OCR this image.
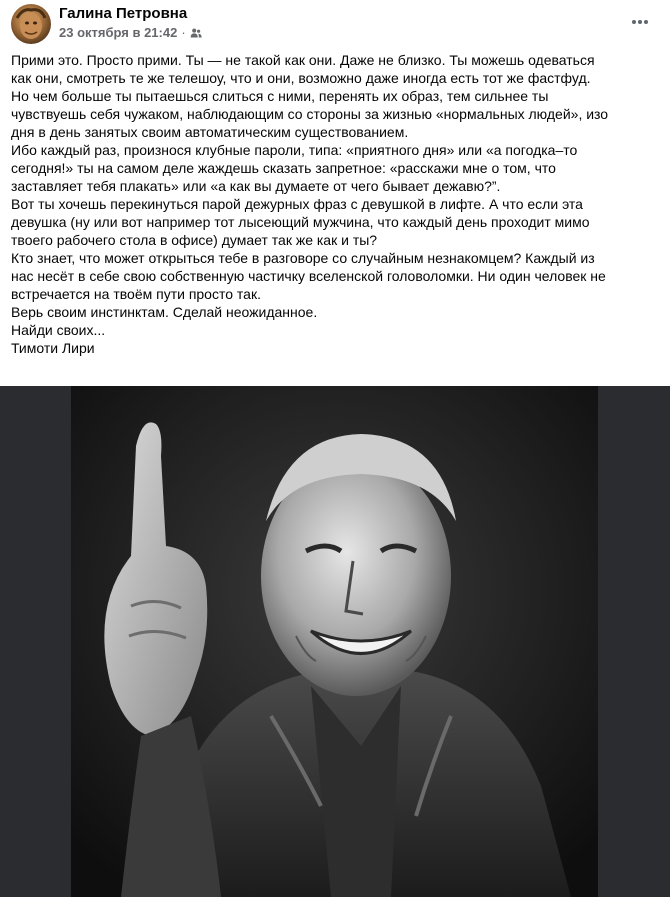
Галина Петровна
23 октября в 21:42 ·

Прими это. Просто прими. Ты — не такой как они. Даже не близко. Ты можешь одеваться

как они, смотреть те же телешоу, что и они, возможно даже иногда есть тот же фастфуд.

Но чем больше ты пытаешься слиться с ними, перенять их образ, тем сильнее ты

чувствуешь себя чужаком, наблюдающим со стороны за жизнью «нормальных людей», изо

дня в день занятых своим автоматическим существованием.

Ибо каждый раз, произнося клубные пароли, типа: «приятного дня» или «а погодка–то

сегодня!» ты на самом деле жаждешь сказать запретное: «расскажи мне о том, что

заставляет тебя плакать» или «а как вы думаете от чего бывает дежавю?”.

Вот ты хочешь перекинуться парой дежурных фраз с девушкой в лифте. А что если эта

девушка (ну или вот например тот лысеющий мужчина, что каждый день проходит мимо

твоего рабочего стола в офисе) думает так же как и ты?

Кто знает, что может открыться тебе в разговоре со случайным незнакомцем? Каждый из

нас несёт в себе свою собственную частичку вселенской головоломки. Ни один человек не

встречается на твоём пути просто так.

Верь своим инстинктам. Сделай неожиданное.

Найди своих...

Тимоти Лири
